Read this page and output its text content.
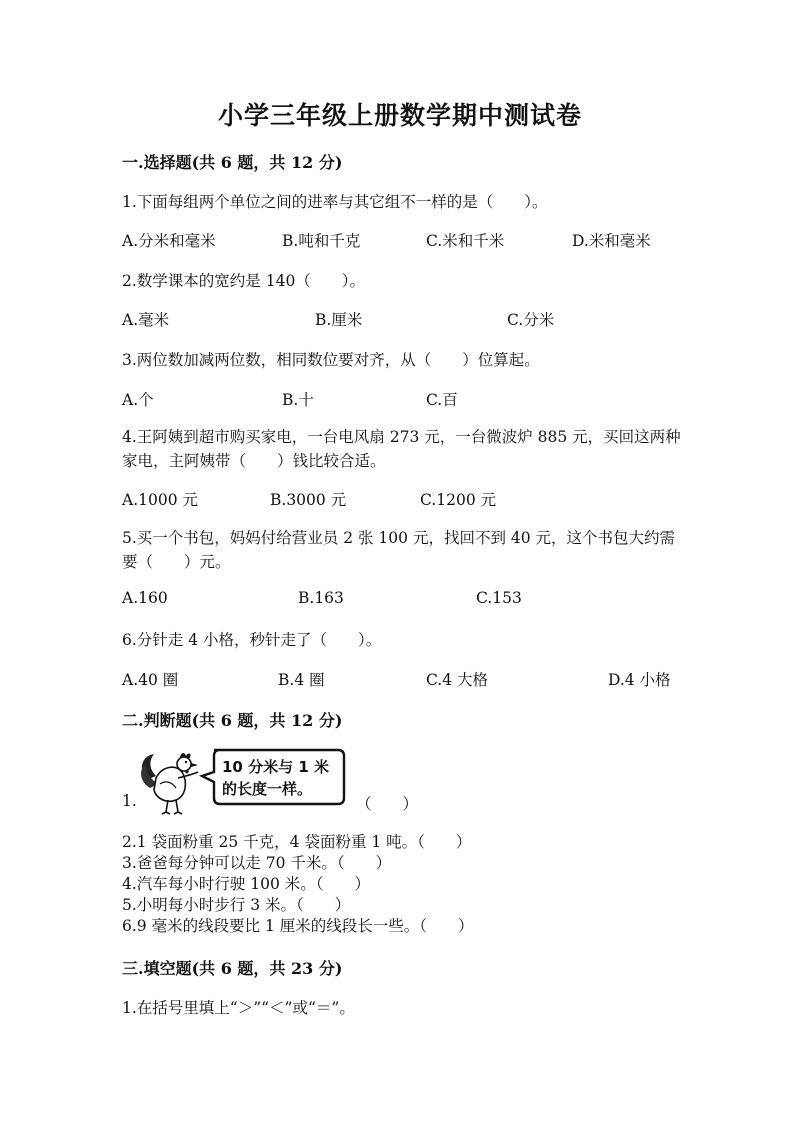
小学三年级上册数学期中测试卷
一.选择题(共 6 题，共 12 分)
1.下面每组两个单位之间的进率与其它组不一样的是（　　）。
A.分米和毫米	B.吨和千克	C.米和千米	D.米和毫米
2.数学课本的宽约是 140（　　）。
A.毫米	B.厘米	C.分米
3.两位数加减两位数，相同数位要对齐，从（　　）位算起。
A.个	B.十	C.百
4.王阿姨到超市购买家电，一台电风扇 273 元，一台微波炉 885 元，买回这两种家电，主阿姨带（　　）钱比较合适。
A.1000 元	B.3000 元	C.1200 元
5.买一个书包，妈妈付给营业员 2 张 100 元，找回不到 40 元，这个书包大约需要（　　）元。
A.160	B.163	C.153
6.分针走 4 小格，秒针走了（　　）。
A.40 圈	B.4 圈	C.4 大格	D.4 小格
二.判断题(共 6 题，共 12 分)
10 分米与 1 米
的长度一样。
1.	（　　）
2.1 袋面粉重 25 千克，4 袋面粉重 1 吨。（　　）
3.爸爸每分钟可以走 70 千米。（　　）
4.汽车每小时行驶 100 米。（　　）
5.小明每小时步行 3 米。（　　）
6.9 毫米的线段要比 1 厘米的线段长一些。（　　）
三.填空题(共 6 题，共 23 分)
1.在括号里填上“＞”“＜”或“＝”。
